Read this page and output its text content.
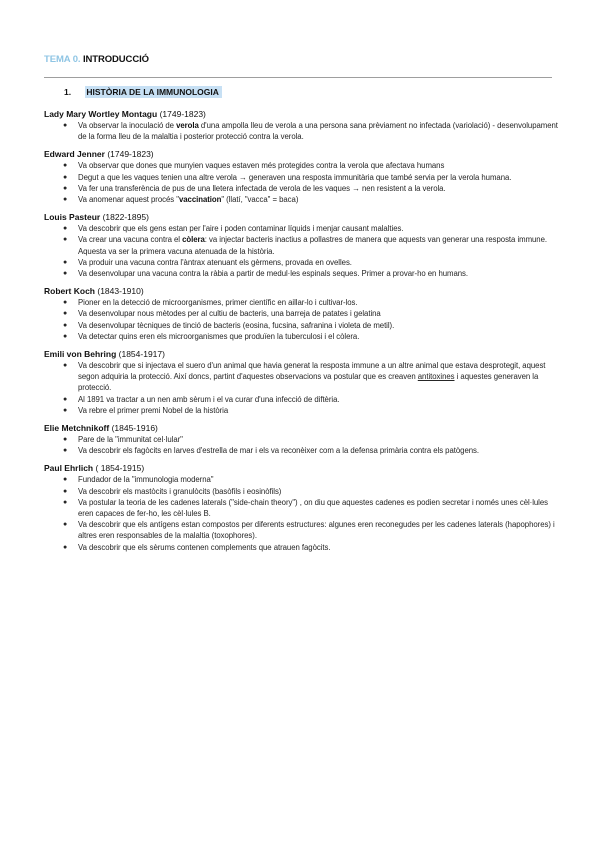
TEMA 0. INTRODUCCIÓ
1. HISTÒRIA DE LA IMMUNOLOGIA
Lady Mary Wortley Montagu (1749-1823)
● Va observar la inoculació de verola d'una ampolla lleu de verola a una persona sana prèviament no infectada (variolació) - desenvolupament de la forma lleu de la malaltia i posterior protecció contra la verola.
Edward Jenner (1749-1823)
● Va observar que dones que munyien vaques estaven més protegides contra la verola que afectava humans
● Degut a que les vaques tenien una altre verola → generaven una resposta immunitària que també servia per la verola humana.
● Va fer una transferència de pus de una lletera infectada de verola de les vaques → nen resistent a la verola.
● Va anomenar aquest procés "vaccination" (llatí, "vacca" = baca)
Louis Pasteur (1822-1895)
● Va descobrir que els gens estan per l'aire i poden contaminar líquids i menjar causant malalties.
● Va crear una vacuna contra el còlera: va injectar bacteris inactius a pollastres de manera que aquests van generar una resposta immune. Aquesta va ser la primera vacuna atenuada de la història.
● Va produir una vacuna contra l'àntrax atenuant els gèrmens, provada en ovelles.
● Va desenvolupar una vacuna contra la ràbia a partir de medul·les espinals seques. Primer a provar-ho en humans.
Robert Koch (1843-1910)
● Pioner en la detecció de microorganismes, primer científic en aillar-lo i cultivar-los.
● Va desenvolupar nous mètodes per al cultiu de bacteris, una barreja de patates i gelatina
● Va desenvolupar tècniques de tinció de bacteris (eosina, fucsina, safranina i violeta de metil).
● Va detectar quins eren els microorganismes que produïen la tuberculosi i el còlera.
Emili von Behring (1854-1917)
● Va descobrir que si injectava el suero d'un animal que havia generat la resposta immune a un altre animal que estava desprotegit, aquest segon adquiria la protecció. Així doncs, partint d'aquestes observacions va postular que es creaven antitoxines i aquestes generaven la protecció.
● Al 1891 va tractar a un nen amb sèrum i el va curar d'una infecció de diftèria.
● Va rebre el primer premi Nobel de la història
Elie Metchnikoff (1845-1916)
● Pare de la "immunitat cel·lular"
● Va descobrir els fagòcits en larves d'estrella de mar i els va reconèixer com a la defensa primària contra els patògens.
Paul Ehrlich ( 1854-1915)
● Fundador de la "immunologia moderna"
● Va descobrir els mastòcits i granulòcits (basòfils i eosinòfils)
● Va postular la teoria de les cadenes laterals ("side-chain theory") , on diu que aquestes cadenes es podien secretar i només unes cèl·lules eren capaces de fer-ho, les cèl·lules B.
● Va descobrir que els antígens estan compostos per diferents estructures: algunes eren reconegudes per les cadenes laterals (hapophores) i altres eren responsables de la malaltia (toxophores).
● Va descobrir que els sèrums contenen complements que atrauen fagòcits.
